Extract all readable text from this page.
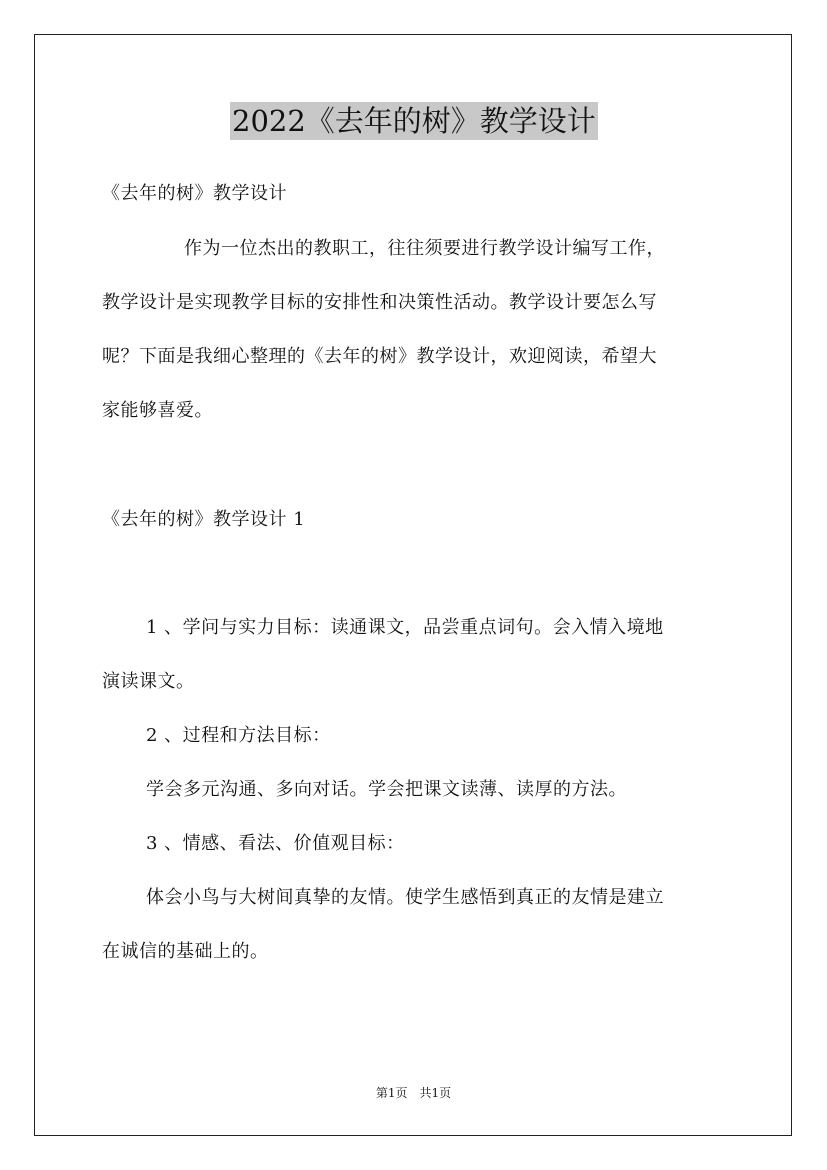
2022《去年的树》教学设计
《去年的树》教学设计
作为一位杰出的教职工，往往须要进行教学设计编写工作，
教学设计是实现教学目标的安排性和决策性活动。教学设计要怎么写
呢？下面是我细心整理的《去年的树》教学设计，欢迎阅读，希望大
家能够喜爱。
《去年的树》教学设计 1
1 、学问与实力目标：读通课文，品尝重点词句。会入情入境地
演读课文。
2 、过程和方法目标：
学会多元沟通、多向对话。学会把课文读薄、读厚的方法。
3 、情感、看法、价值观目标：
体会小鸟与大树间真挚的友情。使学生感悟到真正的友情是建立
在诚信的基础上的。
第1页　共1页
